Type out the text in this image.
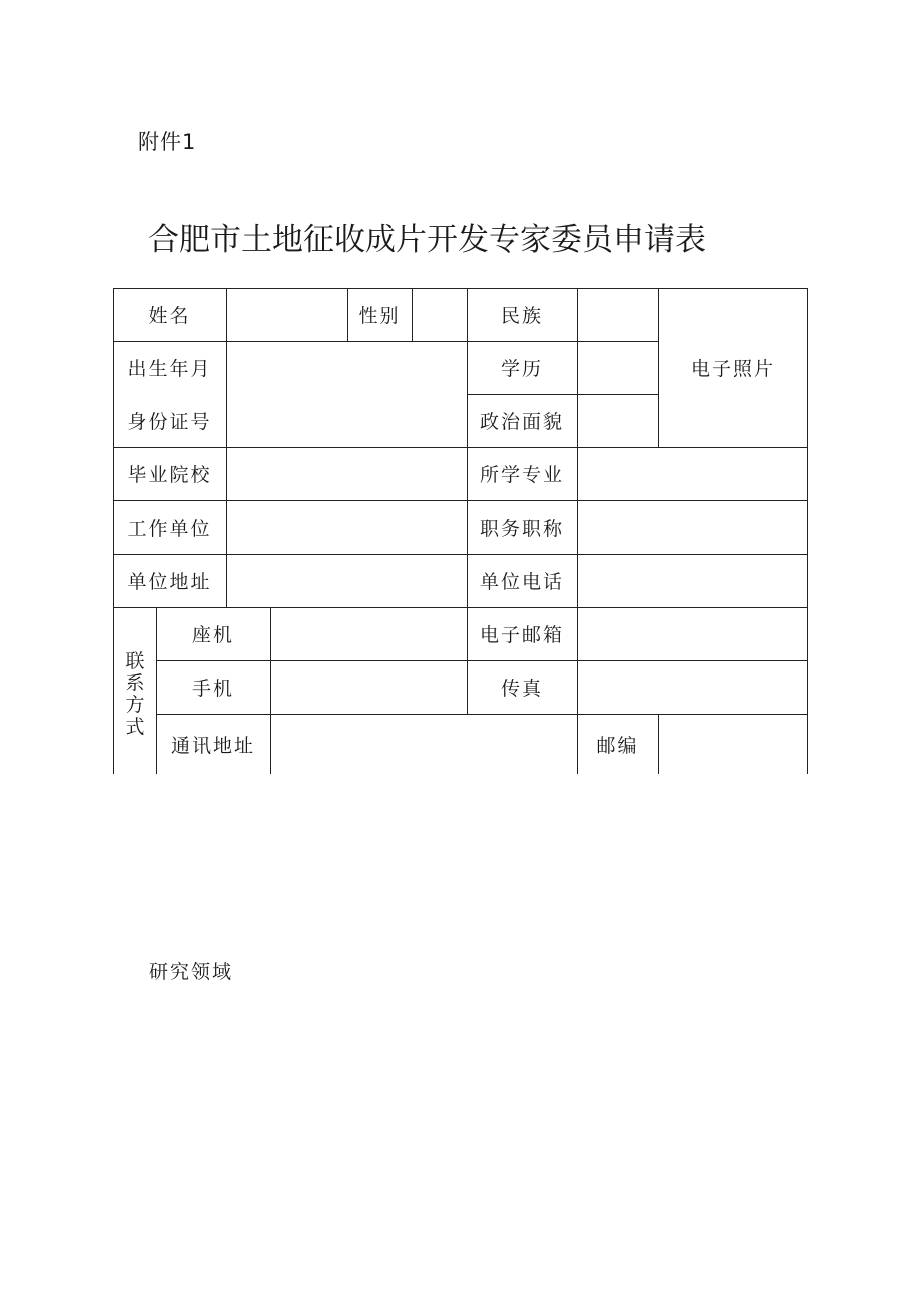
附件1
合肥市土地征收成片开发专家委员申请表
姓名	性别	民族
电子照片
出生年月	学历
身份证号	政治面貌
毕业院校	所学专业
工作单位	职务职称
单位地址	单位电话
联
系
方
式
座机	电子邮箱
手机	传真
通讯地址	邮编
研究领域
